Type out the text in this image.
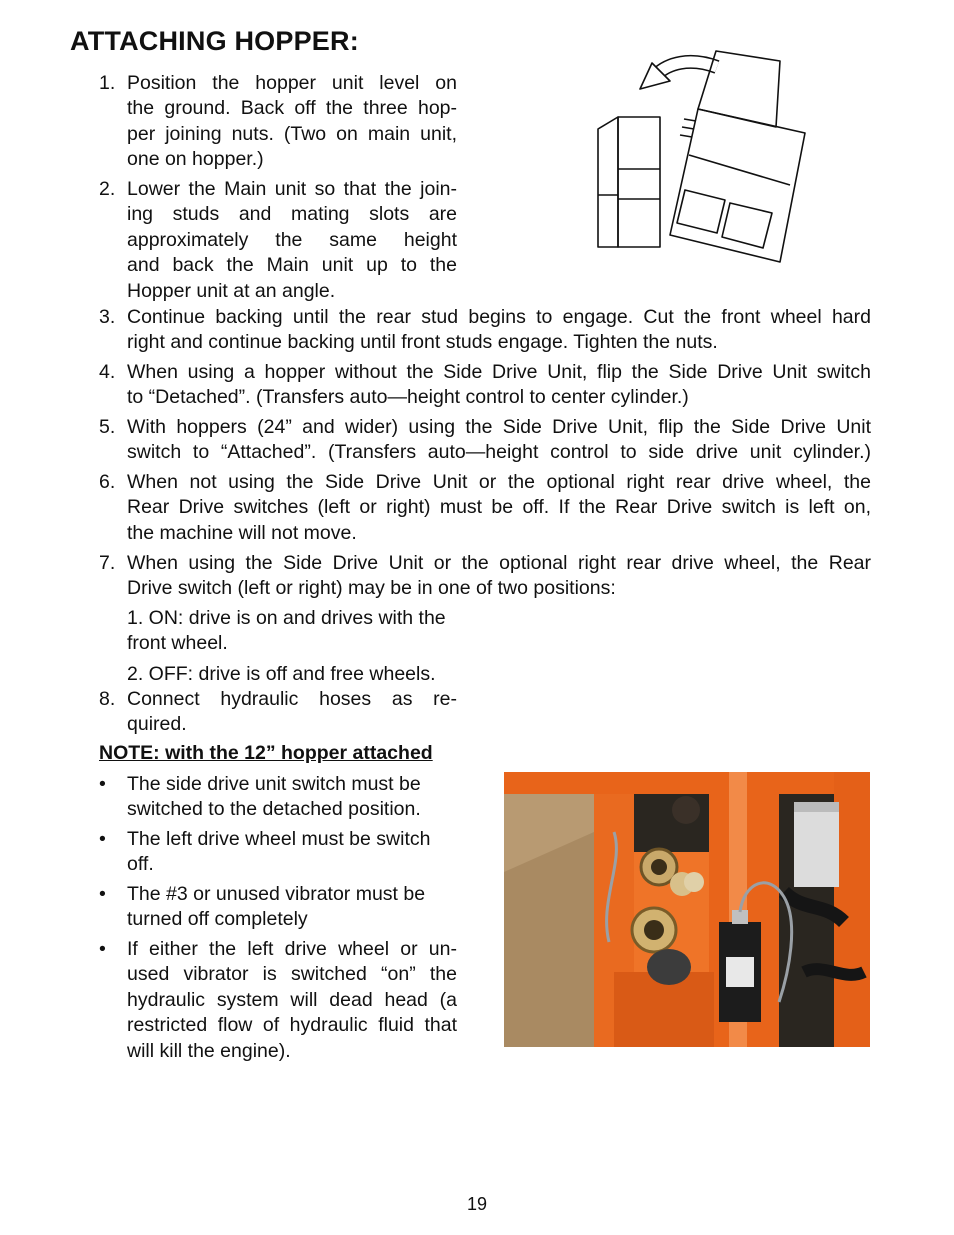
ATTACHING HOPPER:
1. Position the hopper unit level on
the ground. Back off the three hop-
per joining nuts. (Two on main unit,
one on hopper.)
2. Lower the Main unit so that the join-
ing studs and mating slots are
approximately the same height
and back the Main unit up to the
Hopper unit at an angle.
3. Continue backing until the rear stud begins to engage. Cut the front wheel hard
right and continue backing until front studs engage. Tighten the nuts.
4. When using a hopper without the Side Drive Unit, flip the Side Drive Unit switch
to “Detached”. (Transfers auto—height control to center cylinder.)
5. With hoppers (24” and wider) using the Side Drive Unit, flip the Side Drive Unit
switch to “Attached”. (Transfers auto—height control to side drive unit cylinder.)
6. When not using the Side Drive Unit or the optional right rear drive wheel, the
Rear Drive switches (left or right) must be off. If the Rear Drive switch is left on,
the machine will not move.
7. When using the Side Drive Unit or the optional right rear drive wheel, the Rear
Drive switch (left or right) may be in one of two positions:
1. ON: drive is on and drives with the
front wheel.
2. OFF: drive is off and free wheels.
8. Connect hydraulic hoses as re-
quired.
NOTE: with the 12” hopper attached
• The side drive unit switch must be
switched to the detached position.
• The left drive wheel must be switch
off.
• The #3 or unused vibrator must be
turned off completely
• If either the left drive wheel or un-
used vibrator is switched “on” the
hydraulic system will dead head (a
restricted flow of hydraulic fluid that
will kill the engine).
19
